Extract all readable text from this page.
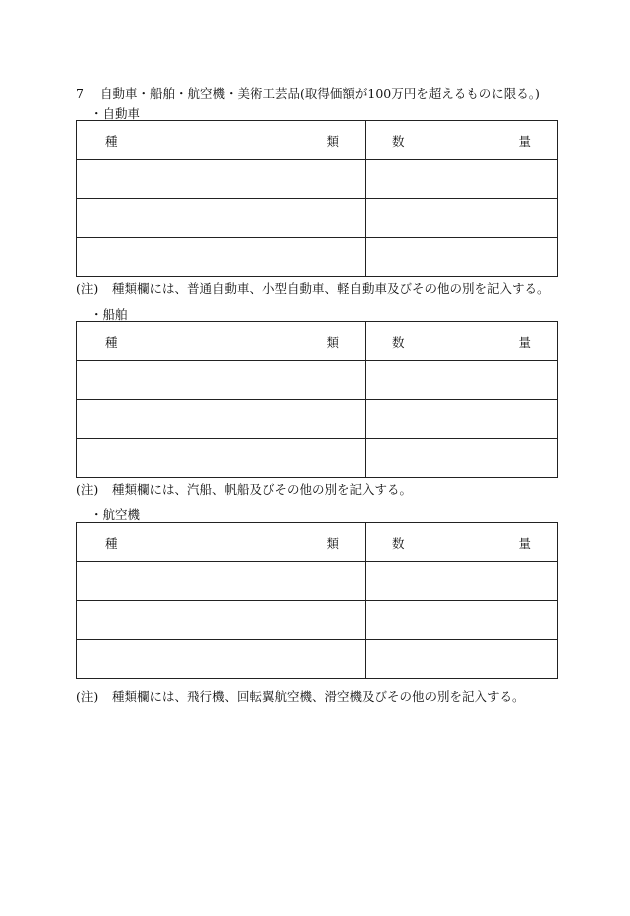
7 自動車・船舶・航空機・美術工芸品(取得価額が100万円を超えるものに限る。)
・自動車
種 類	数 量

(注) 種類欄には、普通自動車、小型自動車、軽自動車及びその他の別を記入する。
・船舶
種 類	数 量

(注) 種類欄には、汽船、帆船及びその他の別を記入する。
・航空機
種 類	数 量

(注) 種類欄には、飛行機、回転翼航空機、滑空機及びその他の別を記入する。
